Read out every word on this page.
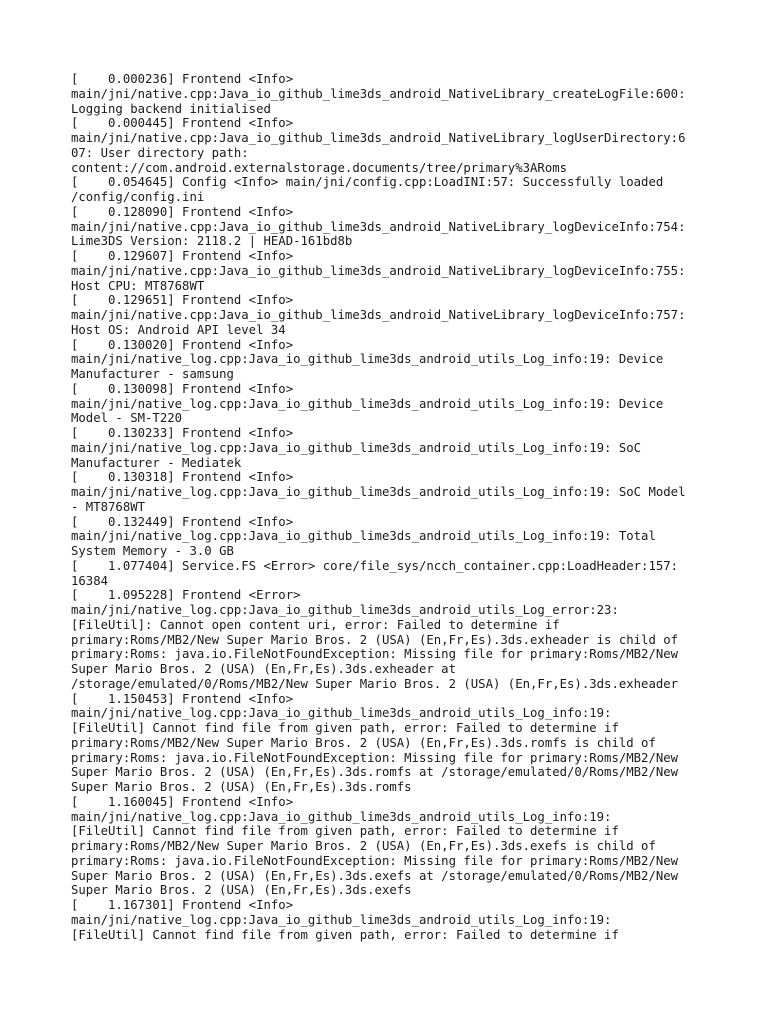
[    0.000236] Frontend <Info>
main/jni/native.cpp:Java_io_github_lime3ds_android_NativeLibrary_createLogFile:600:
Logging backend initialised
[    0.000445] Frontend <Info>
main/jni/native.cpp:Java_io_github_lime3ds_android_NativeLibrary_logUserDirectory:6
07: User directory path:
content://com.android.externalstorage.documents/tree/primary%3ARoms
[    0.054645] Config <Info> main/jni/config.cpp:LoadINI:57: Successfully loaded
/config/config.ini
[    0.128090] Frontend <Info>
main/jni/native.cpp:Java_io_github_lime3ds_android_NativeLibrary_logDeviceInfo:754:
Lime3DS Version: 2118.2 | HEAD-161bd8b
[    0.129607] Frontend <Info>
main/jni/native.cpp:Java_io_github_lime3ds_android_NativeLibrary_logDeviceInfo:755:
Host CPU: MT8768WT
[    0.129651] Frontend <Info>
main/jni/native.cpp:Java_io_github_lime3ds_android_NativeLibrary_logDeviceInfo:757:
Host OS: Android API level 34
[    0.130020] Frontend <Info>
main/jni/native_log.cpp:Java_io_github_lime3ds_android_utils_Log_info:19: Device
Manufacturer - samsung
[    0.130098] Frontend <Info>
main/jni/native_log.cpp:Java_io_github_lime3ds_android_utils_Log_info:19: Device
Model - SM-T220
[    0.130233] Frontend <Info>
main/jni/native_log.cpp:Java_io_github_lime3ds_android_utils_Log_info:19: SoC
Manufacturer - Mediatek
[    0.130318] Frontend <Info>
main/jni/native_log.cpp:Java_io_github_lime3ds_android_utils_Log_info:19: SoC Model
- MT8768WT
[    0.132449] Frontend <Info>
main/jni/native_log.cpp:Java_io_github_lime3ds_android_utils_Log_info:19: Total
System Memory - 3.0 GB
[    1.077404] Service.FS <Error> core/file_sys/ncch_container.cpp:LoadHeader:157:
16384
[    1.095228] Frontend <Error>
main/jni/native_log.cpp:Java_io_github_lime3ds_android_utils_Log_error:23:
[FileUtil]: Cannot open content uri, error: Failed to determine if
primary:Roms/MB2/New Super Mario Bros. 2 (USA) (En,Fr,Es).3ds.exheader is child of
primary:Roms: java.io.FileNotFoundException: Missing file for primary:Roms/MB2/New
Super Mario Bros. 2 (USA) (En,Fr,Es).3ds.exheader at
/storage/emulated/0/Roms/MB2/New Super Mario Bros. 2 (USA) (En,Fr,Es).3ds.exheader
[    1.150453] Frontend <Info>
main/jni/native_log.cpp:Java_io_github_lime3ds_android_utils_Log_info:19:
[FileUtil] Cannot find file from given path, error: Failed to determine if
primary:Roms/MB2/New Super Mario Bros. 2 (USA) (En,Fr,Es).3ds.romfs is child of
primary:Roms: java.io.FileNotFoundException: Missing file for primary:Roms/MB2/New
Super Mario Bros. 2 (USA) (En,Fr,Es).3ds.romfs at /storage/emulated/0/Roms/MB2/New
Super Mario Bros. 2 (USA) (En,Fr,Es).3ds.romfs
[    1.160045] Frontend <Info>
main/jni/native_log.cpp:Java_io_github_lime3ds_android_utils_Log_info:19:
[FileUtil] Cannot find file from given path, error: Failed to determine if
primary:Roms/MB2/New Super Mario Bros. 2 (USA) (En,Fr,Es).3ds.exefs is child of
primary:Roms: java.io.FileNotFoundException: Missing file for primary:Roms/MB2/New
Super Mario Bros. 2 (USA) (En,Fr,Es).3ds.exefs at /storage/emulated/0/Roms/MB2/New
Super Mario Bros. 2 (USA) (En,Fr,Es).3ds.exefs
[    1.167301] Frontend <Info>
main/jni/native_log.cpp:Java_io_github_lime3ds_android_utils_Log_info:19:
[FileUtil] Cannot find file from given path, error: Failed to determine if
